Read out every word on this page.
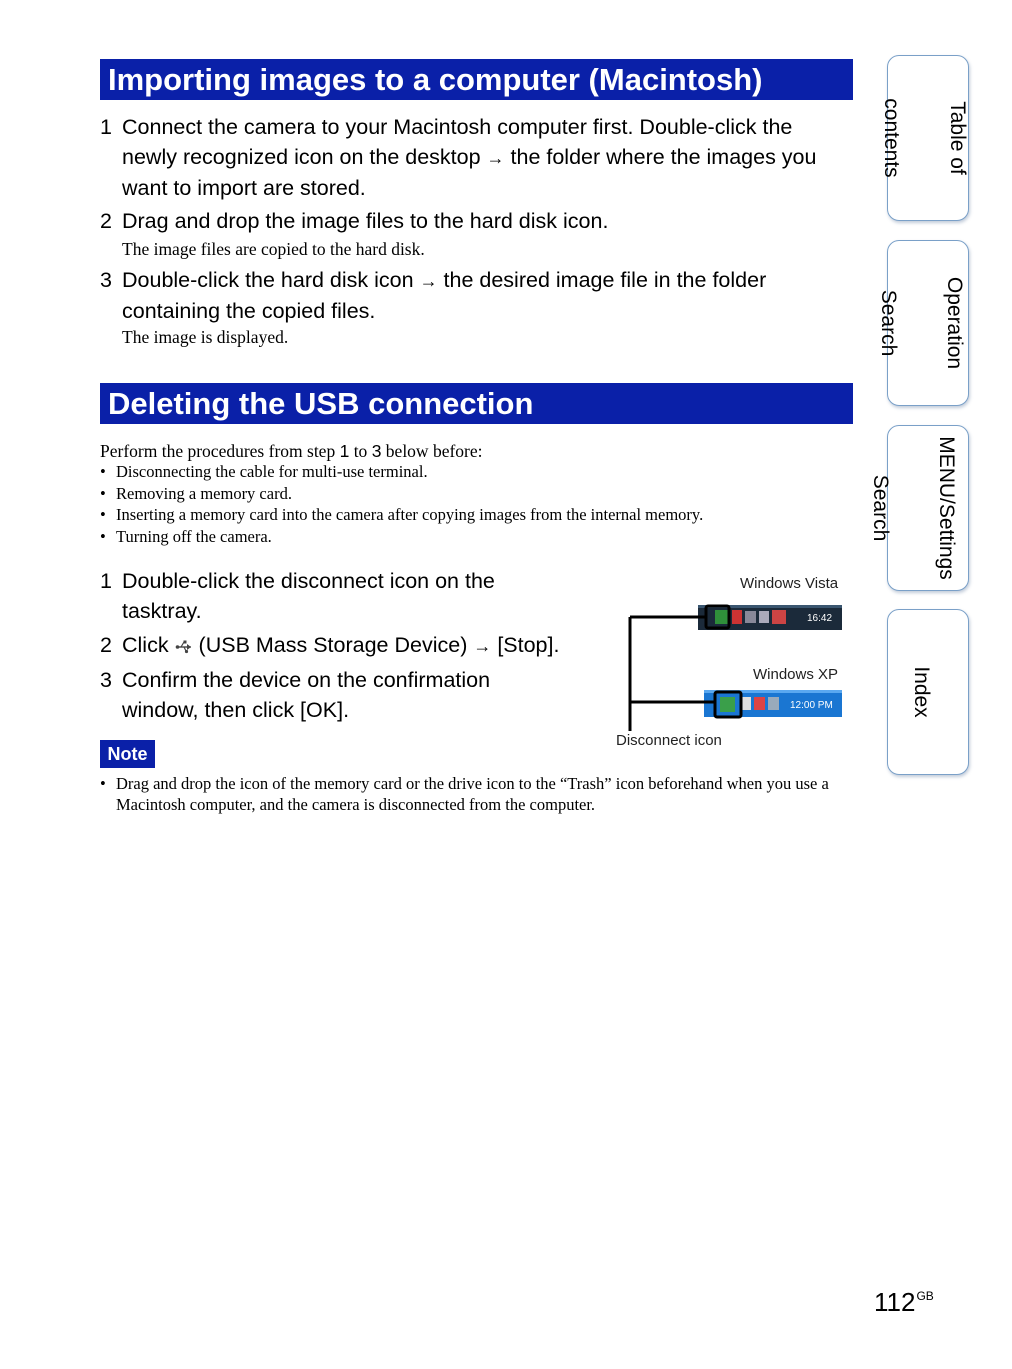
Importing images to a computer (Macintosh)
1 Connect the camera to your Macintosh computer first. Double-click the
newly recognized icon on the desktop → the folder where the images you
want to import are stored.
2 Drag and drop the image files to the hard disk icon.
The image files are copied to the hard disk.
3 Double-click the hard disk icon → the desired image file in the folder
containing the copied files.
The image is displayed.
Deleting the USB connection
Perform the procedures from step 1 to 3 below before:
• Disconnecting the cable for multi-use terminal.
• Removing a memory card.
• Inserting a memory card into the camera after copying images from the internal memory.
• Turning off the camera.
1 Double-click the disconnect icon on the
tasktray.
2 Click  (USB Mass Storage Device) → [Stop].
3 Confirm the device on the confirmation
window, then click [OK].
Windows Vista
Windows XP
Disconnect icon
16:42
12:00 PM
Note
• Drag and drop the icon of the memory card or the drive icon to the “Trash” icon beforehand when you use a Macintosh computer, and the camera is disconnected from the computer.

Table of

contents

Operation

Search

MENU/Settings

Search

Index

$112^{GB}$
